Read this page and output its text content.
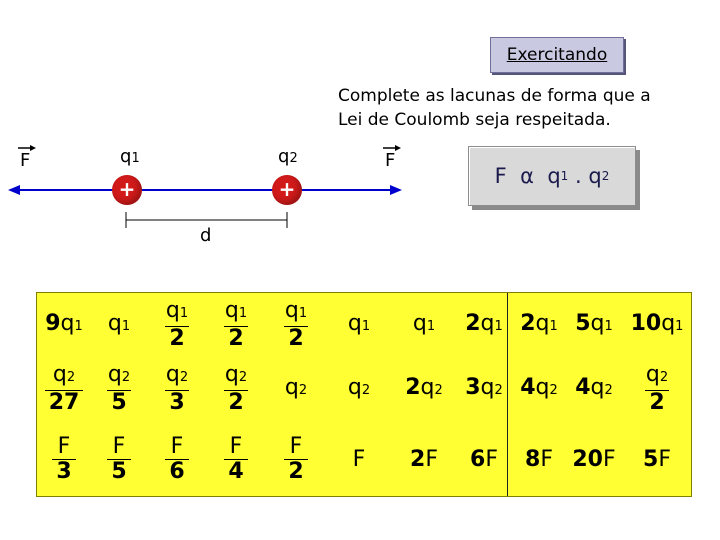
Exercitando
Complete as lacunas de forma que a
Lei de Coulomb seja respeitada.
F	F
q1	q2
+	+
d
F
α
q 1
.
q 2
9q1 $q1 \frac{q1}{2} \frac{q1}{2} \frac{q1}{2} q1$ q1 2q1 2q1 5q1 10q1
$\frac{q2}{27} \frac{q2}{5} \frac{q2}{3} \frac{q2}{2} q2$ q2 2q2 3q2 4q2 $4q2 \frac{q2}{2}$
$\frac{F}{3} \frac{F}{5} \frac{F}{6} \frac{F}{4} \frac{F}{2}$ F 2F 6F 8F 20F 5F
